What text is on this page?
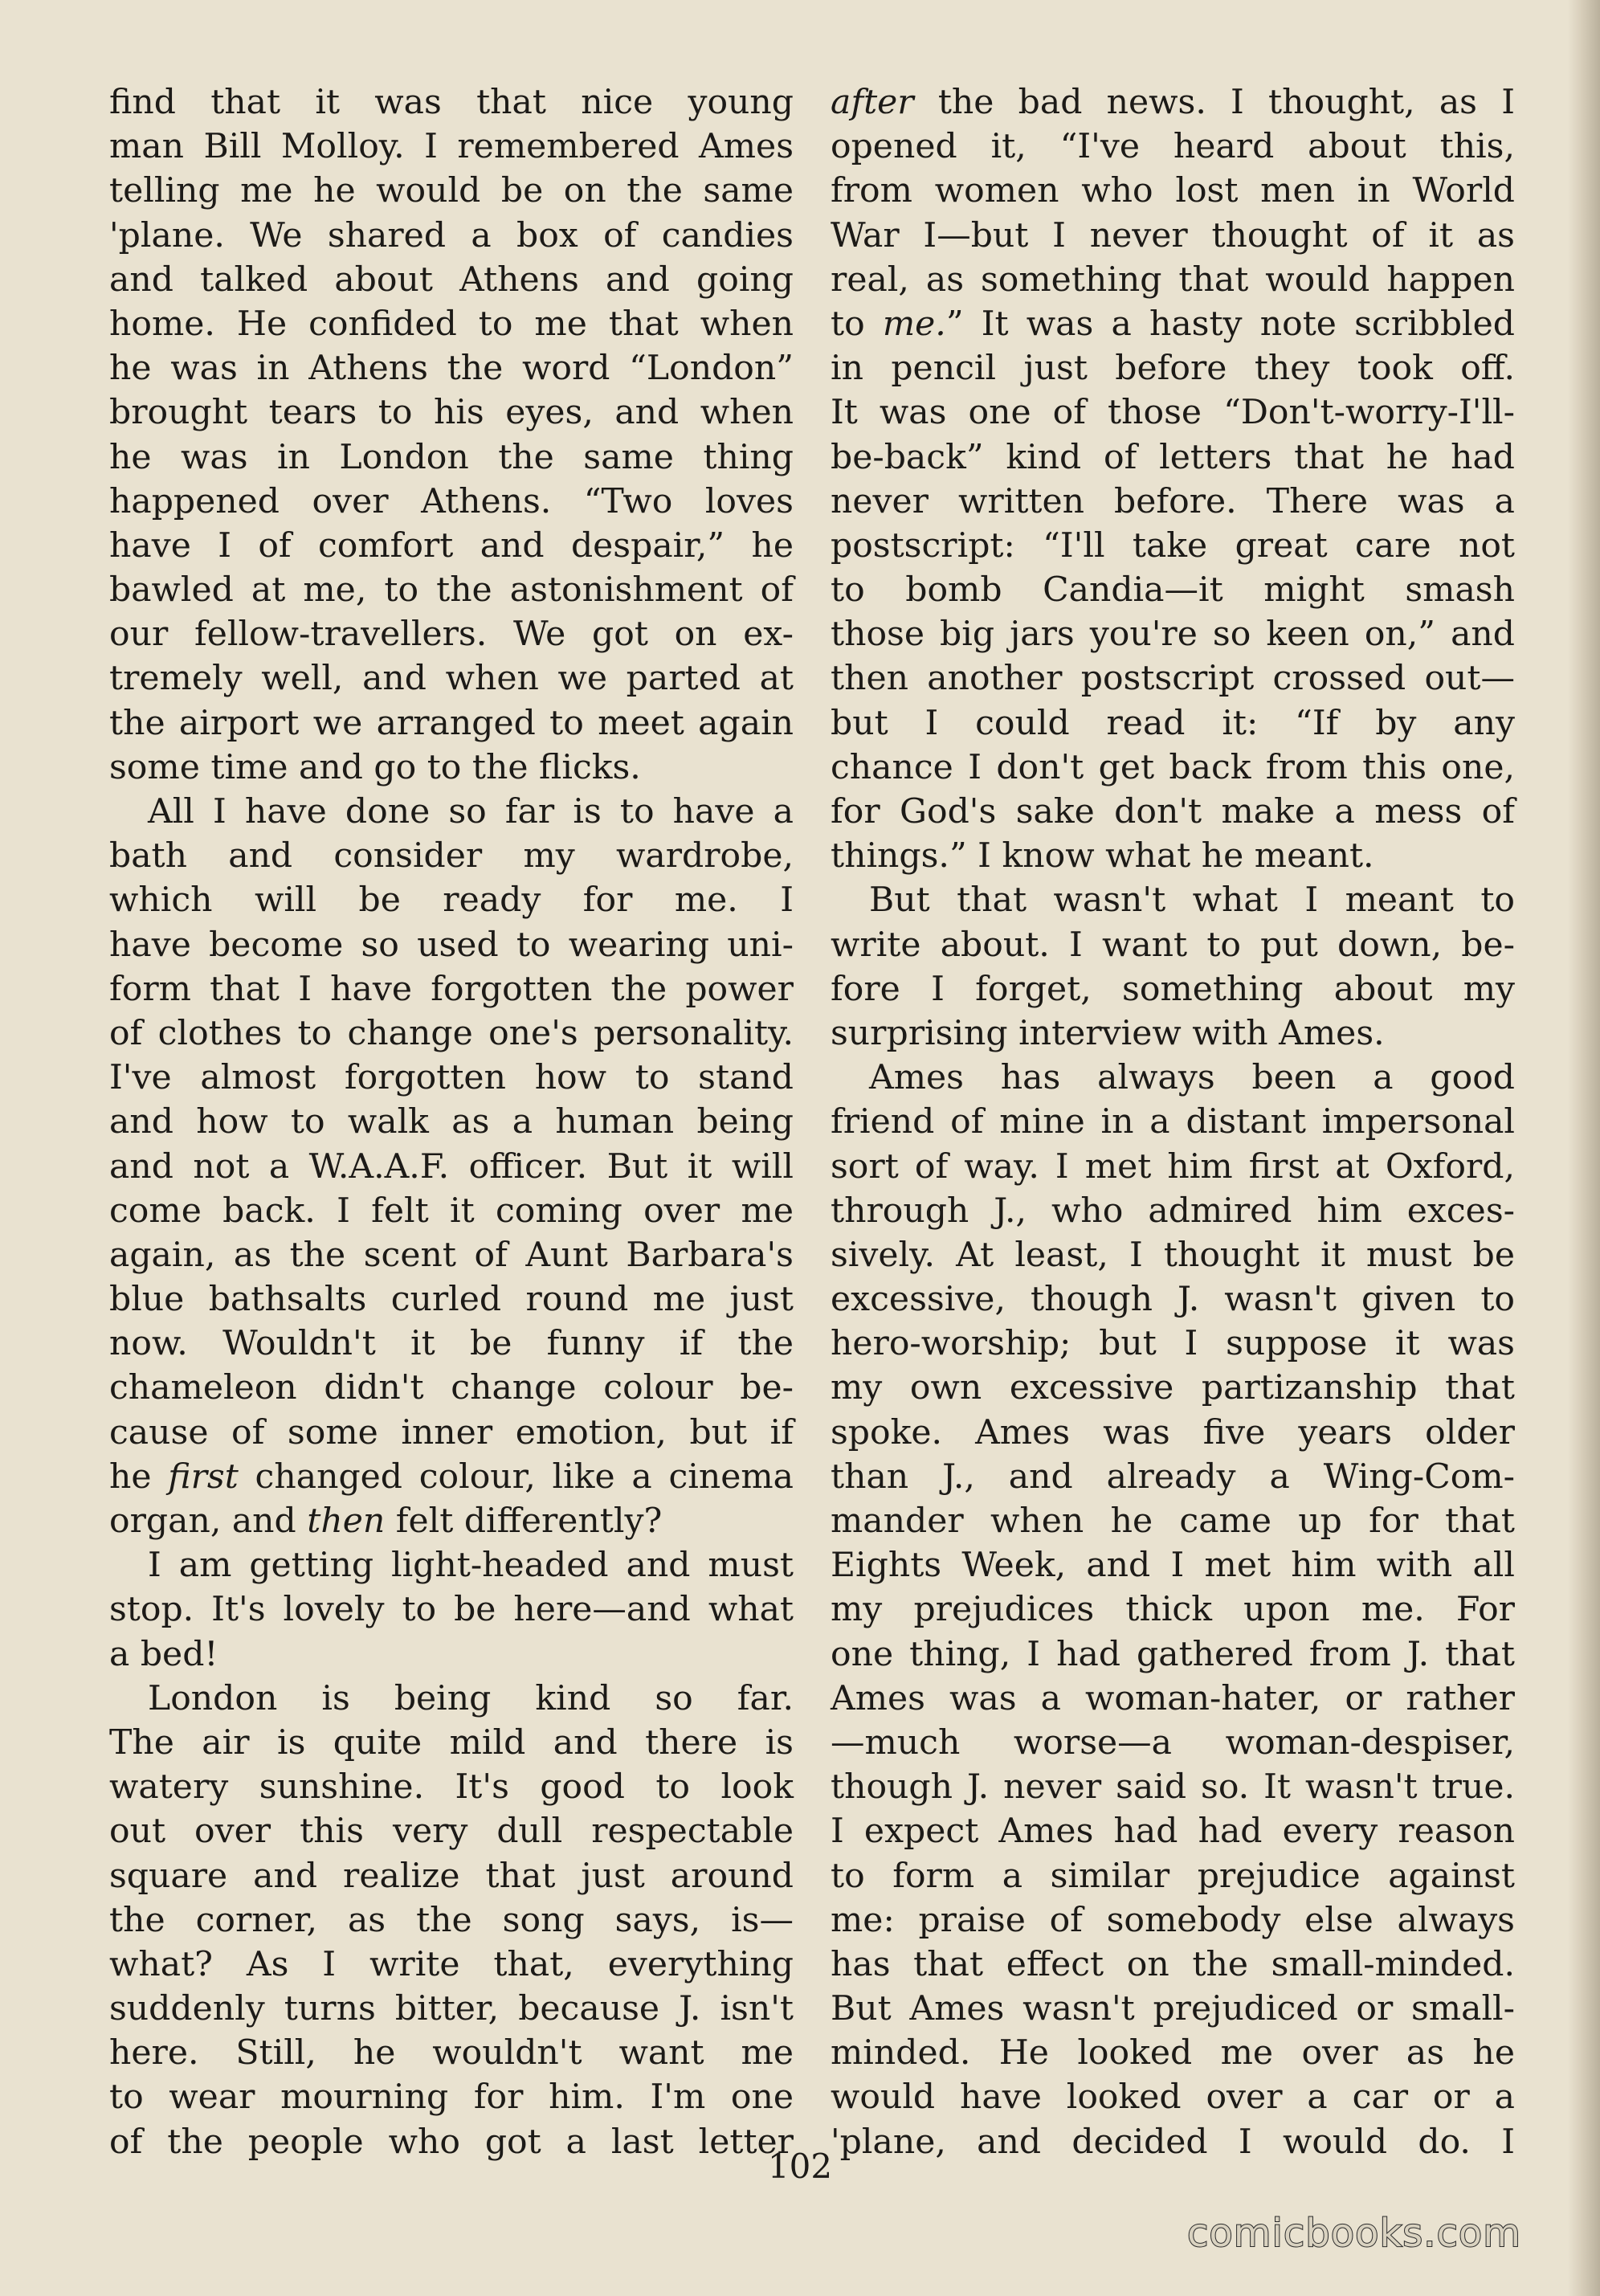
find that it was that nice young
man Bill Molloy. I remembered Ames
telling me he would be on the same
'plane. We shared a box of candies
and talked about Athens and going
home. He confided to me that when
he was in Athens the word “London”
brought tears to his eyes, and when
he was in London the same thing
happened over Athens. “Two loves
have I of comfort and despair,” he
bawled at me, to the astonishment of
our fellow-travellers. We got on ex-
tremely well, and when we parted at
the airport we arranged to meet again
some time and go to the flicks.
All I have done so far is to have a
bath and consider my wardrobe,
which will be ready for me. I
have become so used to wearing uni-
form that I have forgotten the power
of clothes to change one's personality.
I've almost forgotten how to stand
and how to walk as a human being
and not a W.A.A.F. officer. But it will
come back. I felt it coming over me
again, as the scent of Aunt Barbara's
blue bathsalts curled round me just
now. Wouldn't it be funny if the
chameleon didn't change colour be-
cause of some inner emotion, but if
he first changed colour, like a cinema
organ, and then felt differently?
I am getting light-headed and must
stop. It's lovely to be here—and what
a bed!
London is being kind so far.
The air is quite mild and there is
watery sunshine. It's good to look
out over this very dull respectable
square and realize that just around
the corner, as the song says, is—
what? As I write that, everything
suddenly turns bitter, because J. isn't
here. Still, he wouldn't want me
to wear mourning for him. I'm one
of the people who got a last letter
after the bad news. I thought, as I
opened it, “I've heard about this,
from women who lost men in World
War I—but I never thought of it as
real, as something that would happen
to me.” It was a hasty note scribbled
in pencil just before they took off.
It was one of those “Don't-worry-I'll-
be-back” kind of letters that he had
never written before. There was a
postscript: “I'll take great care not
to bomb Candia—it might smash
those big jars you're so keen on,” and
then another postscript crossed out—
but I could read it: “If by any
chance I don't get back from this one,
for God's sake don't make a mess of
things.” I know what he meant.
But that wasn't what I meant to
write about. I want to put down, be-
fore I forget, something about my
surprising interview with Ames.
Ames has always been a good
friend of mine in a distant impersonal
sort of way. I met him first at Oxford,
through J., who admired him exces-
sively. At least, I thought it must be
excessive, though J. wasn't given to
hero-worship; but I suppose it was
my own excessive partizanship that
spoke. Ames was five years older
than J., and already a Wing-Com-
mander when he came up for that
Eights Week, and I met him with all
my prejudices thick upon me. For
one thing, I had gathered from J. that
Ames was a woman-hater, or rather
—much worse—a woman-despiser,
though J. never said so. It wasn't true.
I expect Ames had had every reason
to form a similar prejudice against
me: praise of somebody else always
has that effect on the small-minded.
But Ames wasn't prejudiced or small-
minded. He looked me over as he
would have looked over a car or a
'plane, and decided I would do. I
102
comicbooks.com
